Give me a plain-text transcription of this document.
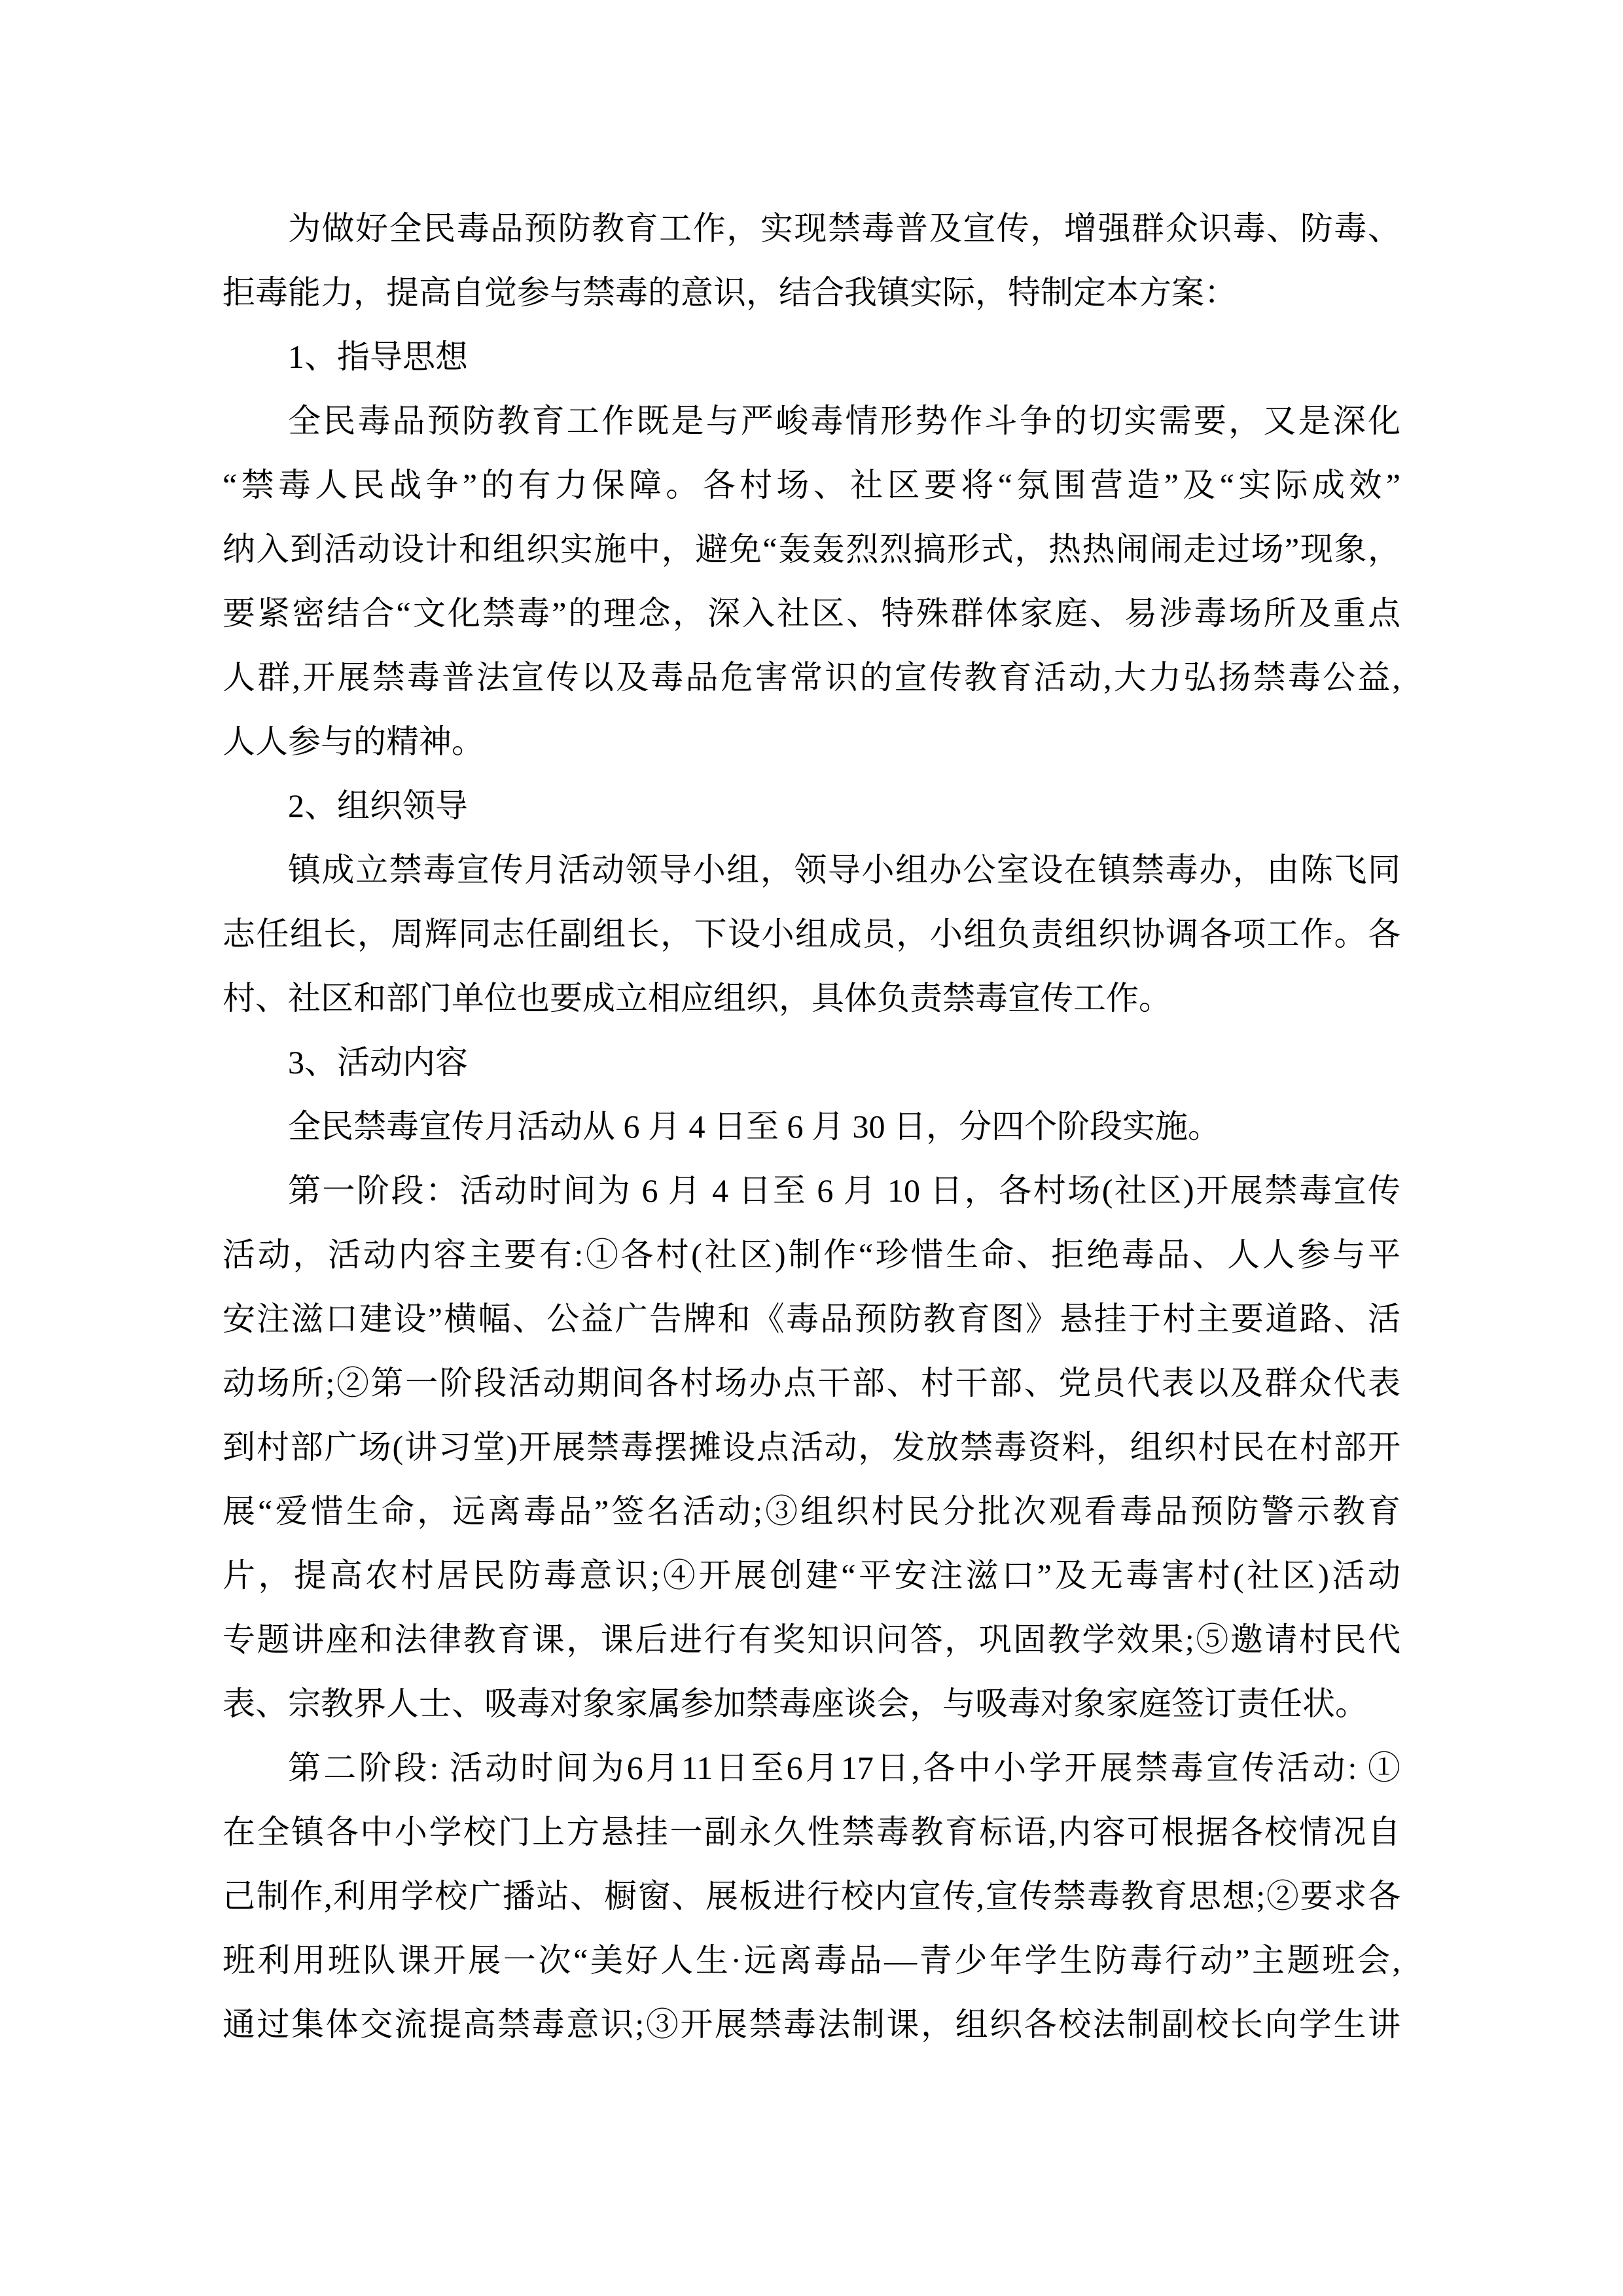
为做好全民毒品预防教育工作，实现禁毒普及宣传，增强群众识毒、防毒、
拒毒能力，提高自觉参与禁毒的意识，结合我镇实际，特制定本方案：
1、指导思想
全民毒品预防教育工作既是与严峻毒情形势作斗争的切实需要，又是深化
“禁毒人民战争”的有力保障。各村场、社区要将“氛围营造”及“实际成效”
纳入到活动设计和组织实施中，避免“轰轰烈烈搞形式，热热闹闹走过场”现象，
要紧密结合“文化禁毒”的理念，深入社区、特殊群体家庭、易涉毒场所及重点
人群,开展禁毒普法宣传以及毒品危害常识的宣传教育活动,大力弘扬禁毒公益,
人人参与的精神。
2、组织领导
镇成立禁毒宣传月活动领导小组，领导小组办公室设在镇禁毒办，由陈飞同
志任组长，周辉同志任副组长，下设小组成员，小组负责组织协调各项工作。各
村、社区和部门单位也要成立相应组织，具体负责禁毒宣传工作。
3、活动内容
全民禁毒宣传月活动从 6 月 4 日至 6 月 30 日，分四个阶段实施。
第一阶段：活动时间为 6 月 4 日至 6 月 10 日，各村场(社区)开展禁毒宣传
活动，活动内容主要有:①各村(社区)制作“珍惜生命、拒绝毒品、人人参与平
安注滋口建设”横幅、公益广告牌和《毒品预防教育图》悬挂于村主要道路、活
动场所;②第一阶段活动期间各村场办点干部、村干部、党员代表以及群众代表
到村部广场(讲习堂)开展禁毒摆摊设点活动，发放禁毒资料，组织村民在村部开
展“爱惜生命，远离毒品”签名活动;③组织村民分批次观看毒品预防警示教育
片，提高农村居民防毒意识;④开展创建“平安注滋口”及无毒害村(社区)活动
专题讲座和法律教育课，课后进行有奖知识问答，巩固教学效果;⑤邀请村民代
表、宗教界人士、吸毒对象家属参加禁毒座谈会，与吸毒对象家庭签订责任状。
第二阶段: 活动时间为6月11日至6月17日,各中小学开展禁毒宣传活动: ①
在全镇各中小学校门上方悬挂一副永久性禁毒教育标语,内容可根据各校情况自
己制作,利用学校广播站、橱窗、展板进行校内宣传,宣传禁毒教育思想;②要求各
班利用班队课开展一次“美好人生·远离毒品—青少年学生防毒行动”主题班会,
通过集体交流提高禁毒意识;③开展禁毒法制课，组织各校法制副校长向学生讲
